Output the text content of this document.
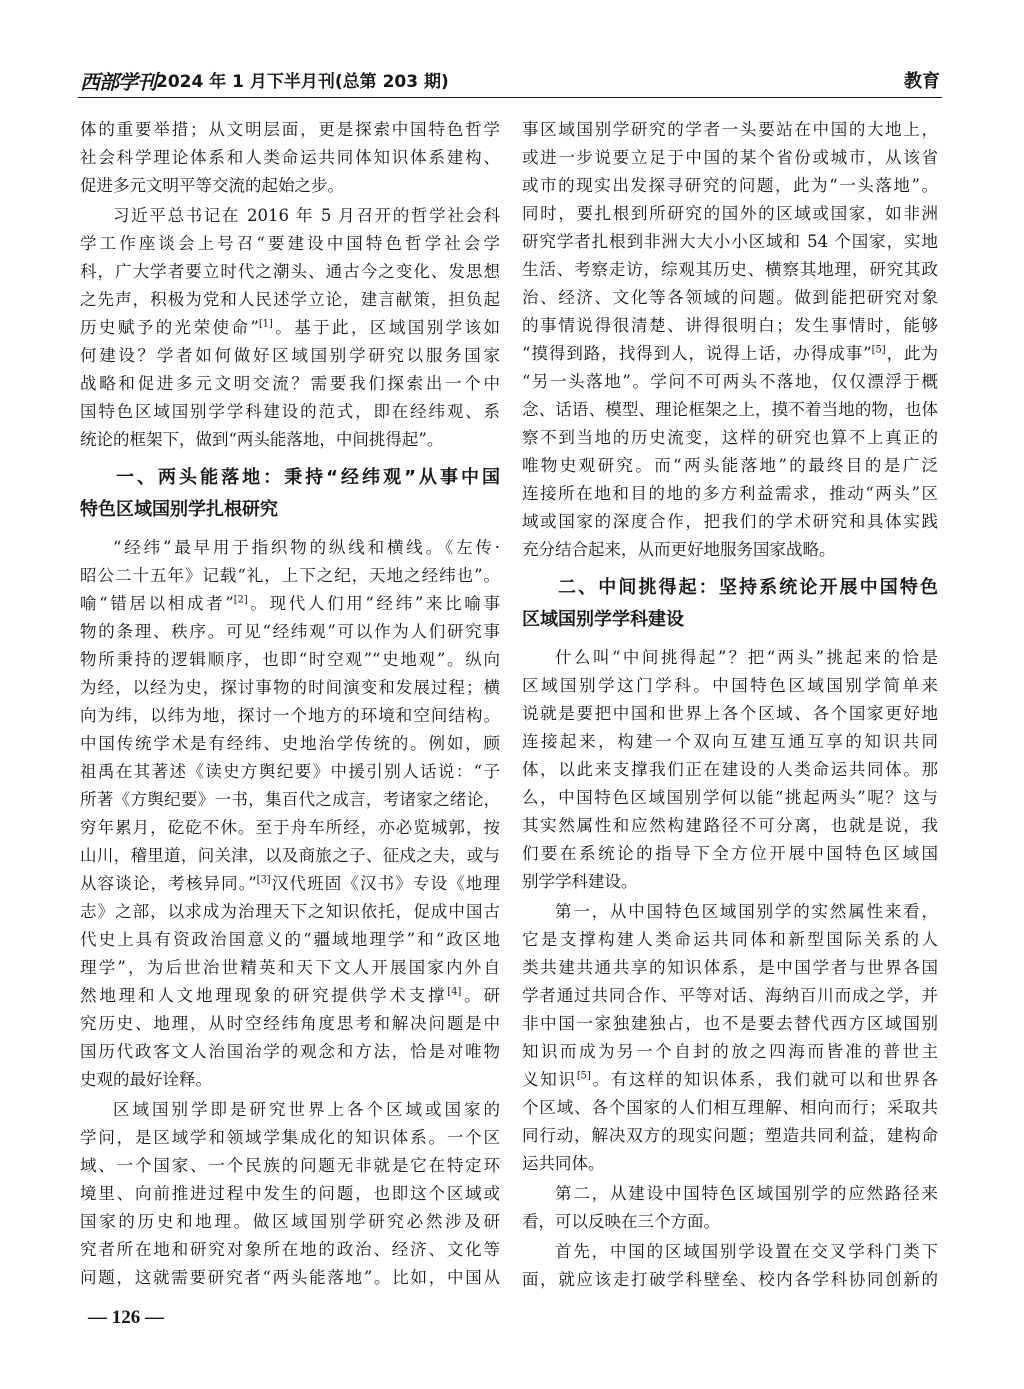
西部学刊 2024 年 1 月下半月刊(总第 203 期)	教育
体的重要举措；从文明层面，更是探索中国特色哲学
社会科学理论体系和人类命运共同体知识体系建构、
促进多元文明平等交流的起始之步。
习近平总书记在 2016 年 5 月召开的哲学社会科
学工作座谈会上号召“要建设中国特色哲学社会学
科，广大学者要立时代之潮头、通古今之变化、发思想
之先声，积极为党和人民述学立论，建言献策，担负起
历史赋予的光荣使命”[1]。基于此，区域国别学该如
何建设？学者如何做好区域国别学研究以服务国家
战略和促进多元文明交流？需要我们探索出一个中
国特色区域国别学学科建设的范式，即在经纬观、系
统论的框架下，做到“两头能落地，中间挑得起”。
一、两头能落地：秉持“经纬观”从事中国
特色区域国别学扎根研究
“经纬”最早用于指织物的纵线和横线。《左传·
昭公二十五年》记载“礼，上下之纪，天地之经纬也”。
喻“错居以相成者”[2]。现代人们用“经纬”来比喻事
物的条理、秩序。可见“经纬观”可以作为人们研究事
物所秉持的逻辑顺序，也即“时空观”“史地观”。纵向
为经，以经为史，探讨事物的时间演变和发展过程；横
向为纬，以纬为地，探讨一个地方的环境和空间结构。
中国传统学术是有经纬、史地治学传统的。例如，顾
祖禹在其著述《读史方舆纪要》中援引别人话说：“子
所著《方舆纪要》一书，集百代之成言，考诸家之绪论，
穷年累月，矻矻不休。至于舟车所经，亦必览城郭，按
山川，稽里道，问关津，以及商旅之子、征戍之夫，或与
从容谈论，考核异同。”[3]汉代班固《汉书》专设《地理
志》之部，以求成为治理天下之知识依托，促成中国古
代史上具有资政治国意义的“疆域地理学”和“政区地
理学”，为后世治世精英和天下文人开展国家内外自
然地理和人文地理现象的研究提供学术支撑[4]。研
究历史、地理，从时空经纬角度思考和解决问题是中
国历代政客文人治国治学的观念和方法，恰是对唯物
史观的最好诠释。
区域国别学即是研究世界上各个区域或国家的
学问，是区域学和领域学集成化的知识体系。一个区
域、一个国家、一个民族的问题无非就是它在特定环
境里、向前推进过程中发生的问题，也即这个区域或
国家的历史和地理。做区域国别学研究必然涉及研
究者所在地和研究对象所在地的政治、经济、文化等
问题，这就需要研究者“两头能落地”。比如，中国从
事区域国别学研究的学者一头要站在中国的大地上，
或进一步说要立足于中国的某个省份或城市，从该省
或市的现实出发探寻研究的问题，此为“一头落地”。
同时，要扎根到所研究的国外的区域或国家，如非洲
研究学者扎根到非洲大大小小区域和 54 个国家，实地
生活、考察走访，综观其历史、横察其地理，研究其政
治、经济、文化等各领域的问题。做到能把研究对象
的事情说得很清楚、讲得很明白；发生事情时，能够
“摸得到路，找得到人，说得上话，办得成事”[5]，此为
“另一头落地”。学问不可两头不落地，仅仅漂浮于概
念、话语、模型、理论框架之上，摸不着当地的物，也体
察不到当地的历史流变，这样的研究也算不上真正的
唯物史观研究。而“两头能落地”的最终目的是广泛
连接所在地和目的地的多方利益需求，推动“两头”区
域或国家的深度合作，把我们的学术研究和具体实践
充分结合起来，从而更好地服务国家战略。
二、中间挑得起：坚持系统论开展中国特色
区域国别学学科建设
什么叫“中间挑得起”？把“两头”挑起来的恰是
区域国别学这门学科。中国特色区域国别学简单来
说就是要把中国和世界上各个区域、各个国家更好地
连接起来，构建一个双向互建互通互享的知识共同
体，以此来支撑我们正在建设的人类命运共同体。那
么，中国特色区域国别学何以能“挑起两头”呢？这与
其实然属性和应然构建路径不可分离，也就是说，我
们要在系统论的指导下全方位开展中国特色区域国
别学学科建设。
第一，从中国特色区域国别学的实然属性来看，
它是支撑构建人类命运共同体和新型国际关系的人
类共建共通共享的知识体系，是中国学者与世界各国
学者通过共同合作、平等对话、海纳百川而成之学，并
非中国一家独建独占，也不是要去替代西方区域国别
知识而成为另一个自封的放之四海而皆准的普世主
义知识[5]。有这样的知识体系，我们就可以和世界各
个区域、各个国家的人们相互理解、相向而行；采取共
同行动，解决双方的现实问题；塑造共同利益，建构命
运共同体。
第二，从建设中国特色区域国别学的应然路径来
看，可以反映在三个方面。
首先，中国的区域国别学设置在交叉学科门类下
面，就应该走打破学科壁垒、校内各学科协同创新的
— 126 —
